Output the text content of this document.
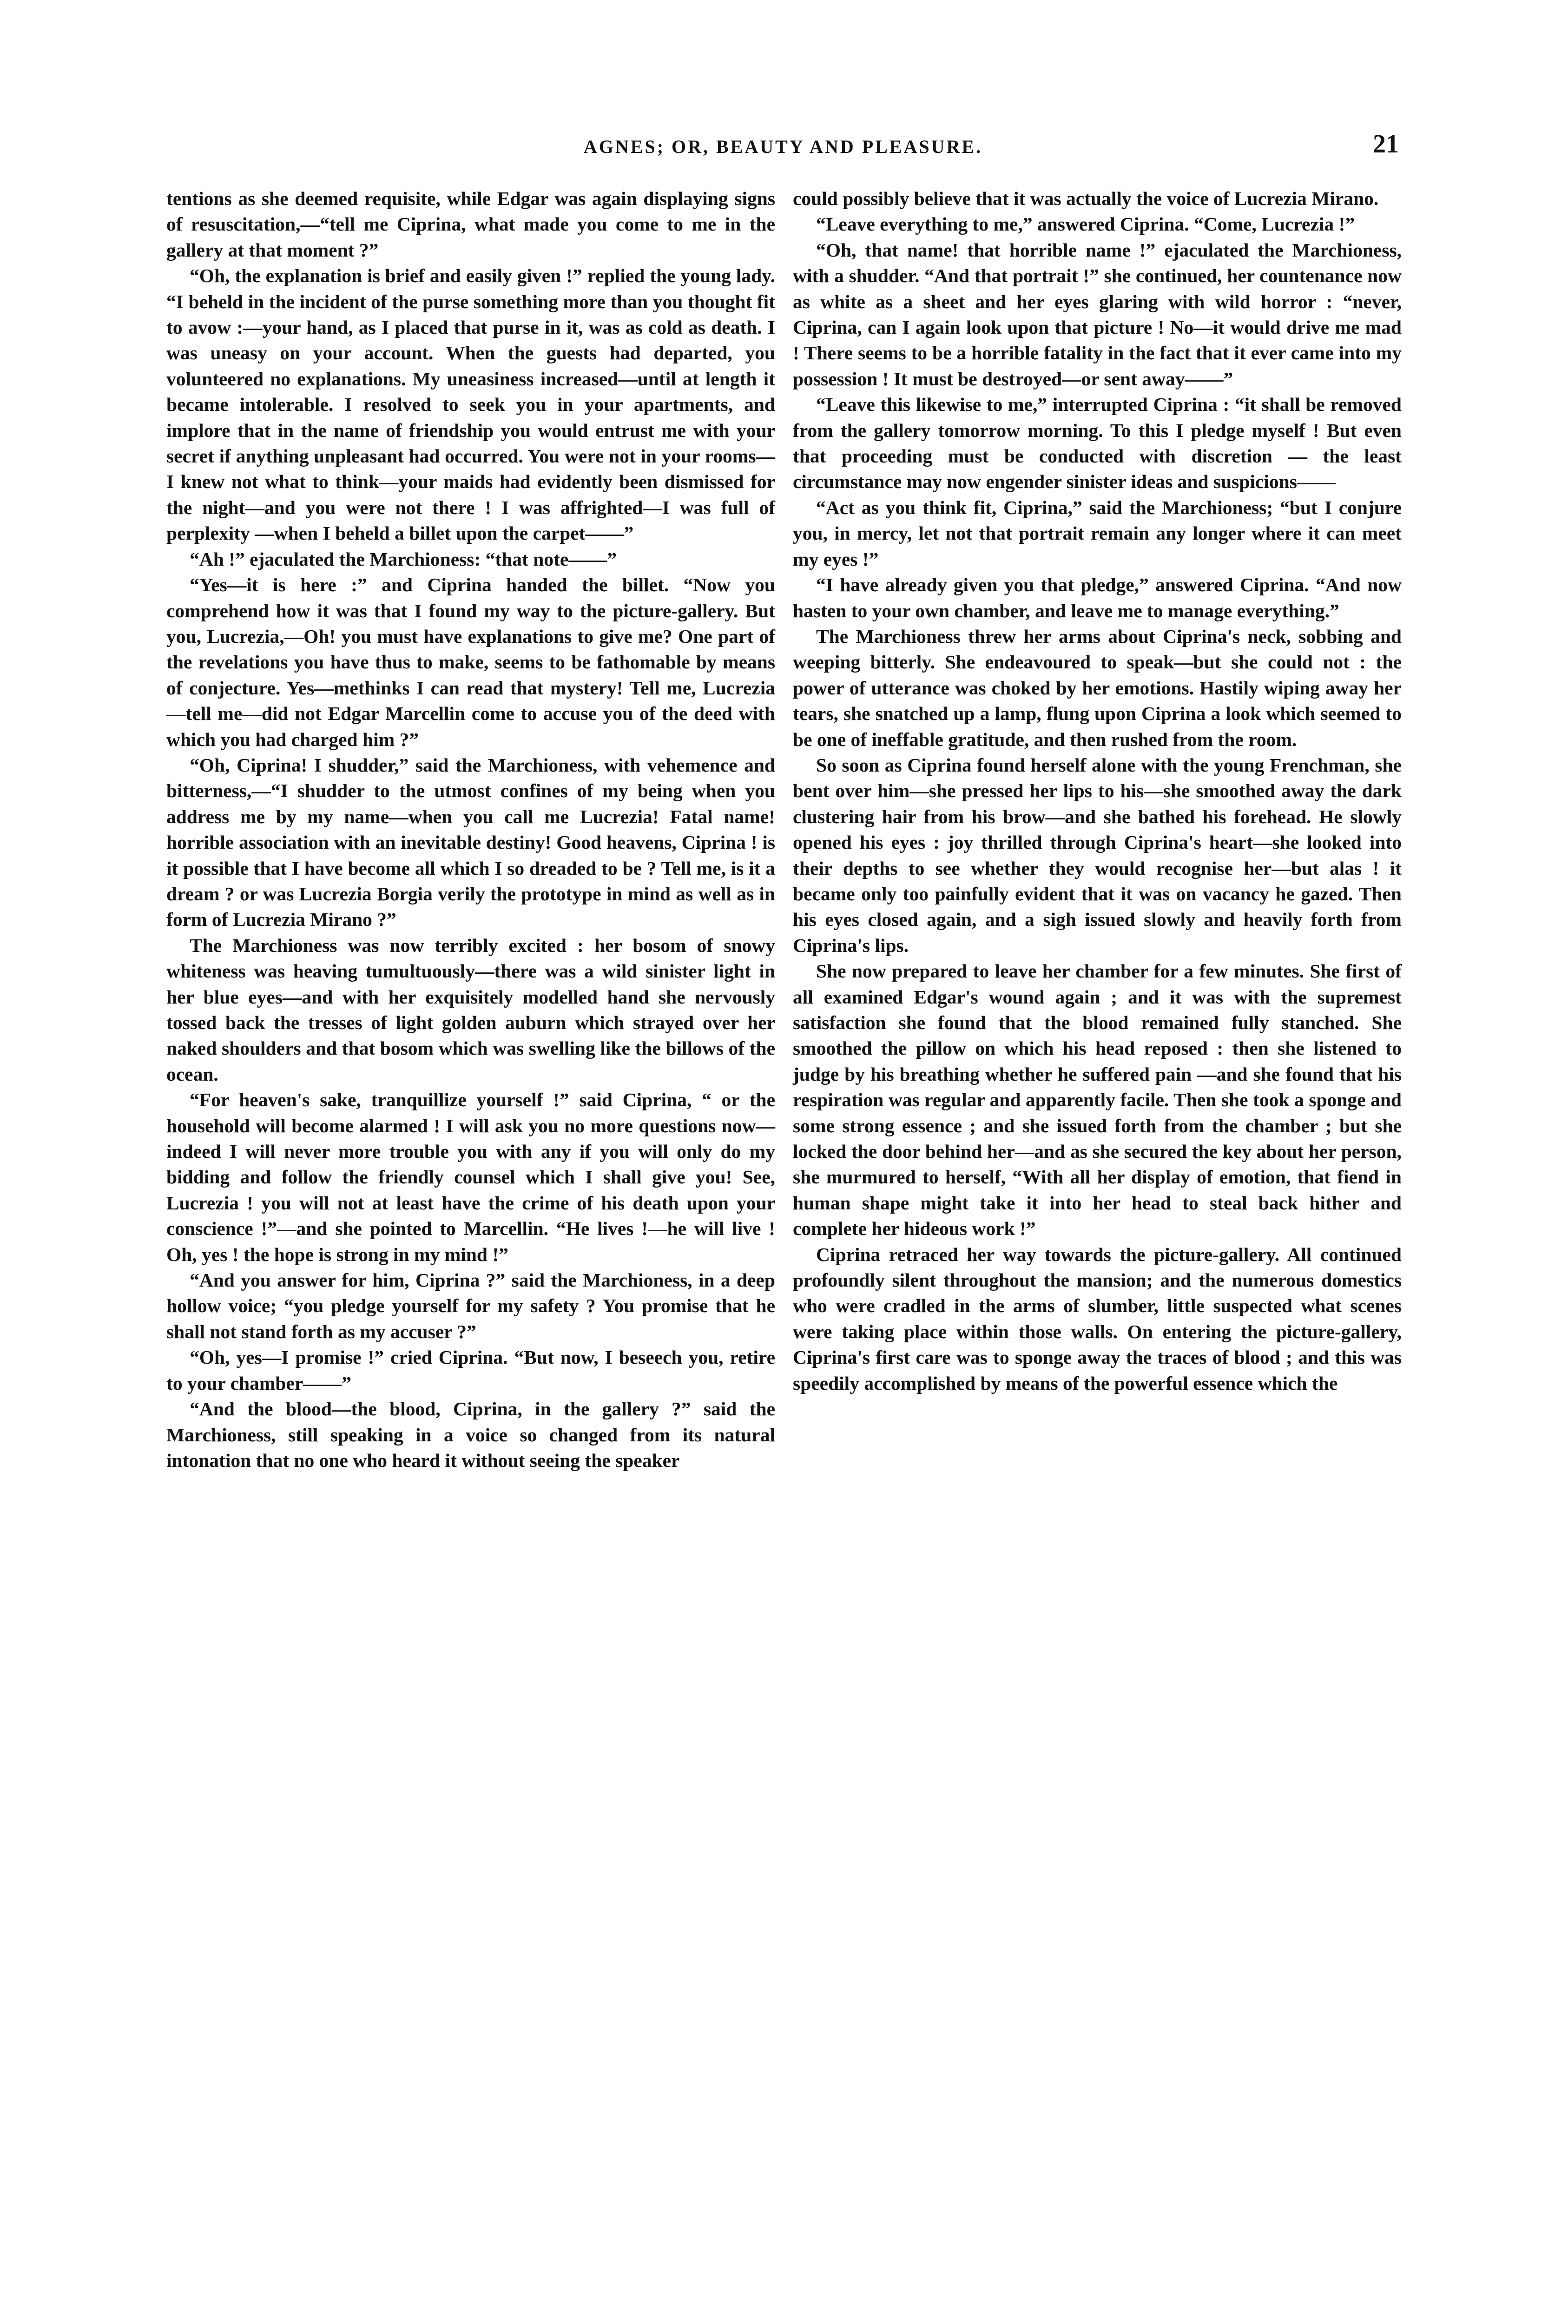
AGNES; OR, BEAUTY AND PLEASURE.	21

tentions as she deemed requisite, while Edgar was again displaying signs of resuscitation,—“tell me Ciprina, what made you come to me in the gallery at that moment ?”

“Oh, the explanation is brief and easily given !” replied the young lady. “I beheld in the incident of the purse something more than you thought fit to avow :—your hand, as I placed that purse in it, was as cold as death. I was uneasy on your account. When the guests had departed, you volunteered no explanations. My uneasiness increased—until at length it became intolerable. I resolved to seek you in your apartments, and implore that in the name of friendship you would entrust me with your secret if anything unpleasant had occurred. You were not in your rooms—I knew not what to think—your maids had evidently been dismissed for the night—and you were not there ! I was affrighted—I was full of perplexity —when I beheld a billet upon the carpet——”

“Ah !” ejaculated the Marchioness: “that note——”

“Yes—it is here :” and Ciprina handed the billet. “Now you comprehend how it was that I found my way to the picture-gallery. But you, Lucrezia,—Oh! you must have explanations to give me? One part of the revelations you have thus to make, seems to be fathomable by means of conjecture. Yes—methinks I can read that mystery! Tell me, Lucrezia—tell me—did not Edgar Marcellin come to accuse you of the deed with which you had charged him ?”

“Oh, Ciprina! I shudder,” said the Marchioness, with vehemence and bitterness,—“I shudder to the utmost confines of my being when you address me by my name—when you call me Lucrezia! Fatal name! horrible association with an inevitable destiny! Good heavens, Ciprina ! is it possible that I have become all which I so dreaded to be ? Tell me, is it a dream ? or was Lucrezia Borgia verily the prototype in mind as well as in form of Lucrezia Mirano ?”

The Marchioness was now terribly excited : her bosom of snowy whiteness was heaving tumultuously—there was a wild sinister light in her blue eyes—and with her exquisitely modelled hand she nervously tossed back the tresses of light golden auburn which strayed over her naked shoulders and that bosom which was swelling like the billows of the ocean.

“For heaven's sake, tranquillize yourself !” said Ciprina, “ or the household will become alarmed ! I will ask you no more questions now—indeed I will never more trouble you with any if you will only do my bidding and follow the friendly counsel which I shall give you! See, Lucrezia ! you will not at least have the crime of his death upon your conscience !”—and she pointed to Marcellin. “He lives !—he will live ! Oh, yes ! the hope is strong in my mind !”

“And you answer for him, Ciprina ?” said the Marchioness, in a deep hollow voice; “you pledge yourself for my safety ? You promise that he shall not stand forth as my accuser ?”

“Oh, yes—I promise !” cried Ciprina. “But now, I beseech you, retire to your chamber——”

“And the blood—the blood, Ciprina, in the gallery ?” said the Marchioness, still speaking in a voice so changed from its natural intonation that no one who heard it without seeing the speaker

could possibly believe that it was actually the voice of Lucrezia Mirano.

“Leave everything to me,” answered Ciprina. “Come, Lucrezia !”

“Oh, that name! that horrible name !” ejaculated the Marchioness, with a shudder. “And that portrait !” she continued, her countenance now as white as a sheet and her eyes glaring with wild horror : “never, Ciprina, can I again look upon that picture ! No—it would drive me mad ! There seems to be a horrible fatality in the fact that it ever came into my possession ! It must be destroyed—or sent away——”

“Leave this likewise to me,” interrupted Ciprina : “it shall be removed from the gallery tomorrow morning. To this I pledge myself ! But even that proceeding must be conducted with discretion — the least circumstance may now engender sinister ideas and suspicions——

“Act as you think fit, Ciprina,” said the Marchioness; “but I conjure you, in mercy, let not that portrait remain any longer where it can meet my eyes !”

“I have already given you that pledge,” answered Ciprina. “And now hasten to your own chamber, and leave me to manage everything.”

The Marchioness threw her arms about Ciprina's neck, sobbing and weeping bitterly. She endeavoured to speak—but she could not : the power of utterance was choked by her emotions. Hastily wiping away her tears, she snatched up a lamp, flung upon Ciprina a look which seemed to be one of ineffable gratitude, and then rushed from the room.

So soon as Ciprina found herself alone with the young Frenchman, she bent over him—she pressed her lips to his—she smoothed away the dark clustering hair from his brow—and she bathed his forehead. He slowly opened his eyes : joy thrilled through Ciprina's heart—she looked into their depths to see whether they would recognise her—but alas ! it became only too painfully evident that it was on vacancy he gazed. Then his eyes closed again, and a sigh issued slowly and heavily forth from Ciprina's lips.

She now prepared to leave her chamber for a few minutes. She first of all examined Edgar's wound again ; and it was with the supremest satisfaction she found that the blood remained fully stanched. She smoothed the pillow on which his head reposed : then she listened to judge by his breathing whether he suffered pain —and she found that his respiration was regular and apparently facile. Then she took a sponge and some strong essence ; and she issued forth from the chamber ; but she locked the door behind her—and as she secured the key about her person, she murmured to herself, “With all her display of emotion, that fiend in human shape might take it into her head to steal back hither and complete her hideous work !”

Ciprina retraced her way towards the picture-gallery. All continued profoundly silent throughout the mansion; and the numerous domestics who were cradled in the arms of slumber, little suspected what scenes were taking place within those walls. On entering the picture-gallery, Ciprina's first care was to sponge away the traces of blood ; and this was speedily accomplished by means of the powerful essence which the
